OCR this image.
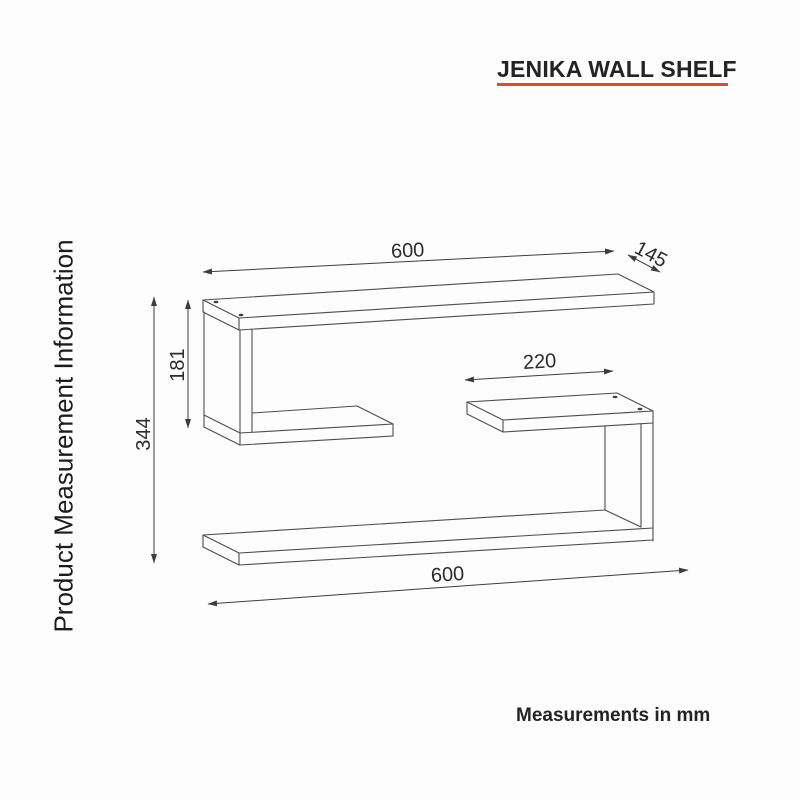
JENIKA WALL SHELF
Product Measurement Information	600	145
181
344
220
600
Measurements in mm
